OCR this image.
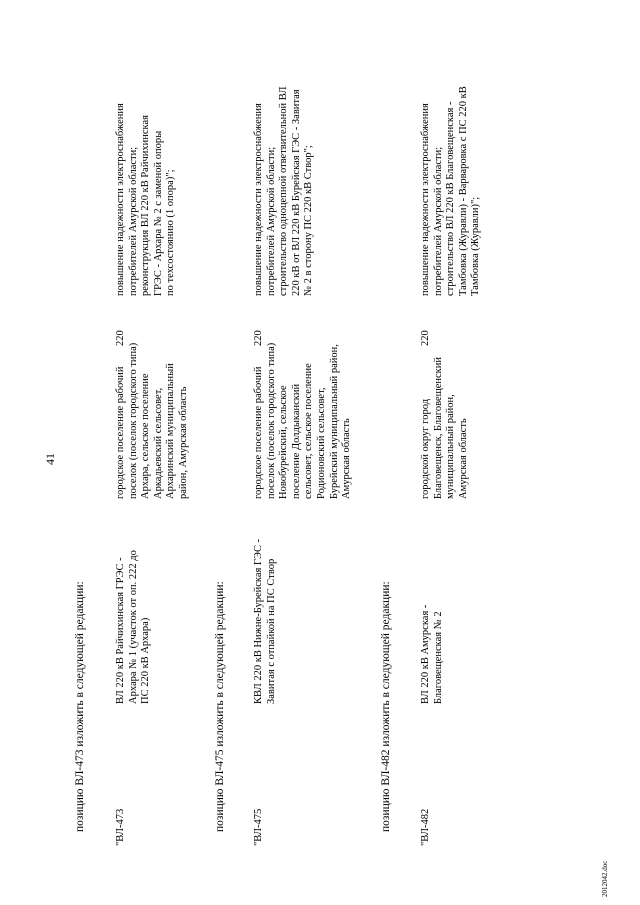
41
позицию ВЛ-473 изложить в следующей редакции:	"ВЛ-473
ВЛ 220 кВ Райчихинская ГРЭС - Архара № 1 (участок от оп. 222 до ПС 220 кВ Архара)
городское поселение рабочий поселок (поселок городского типа) Архара, сельское поселение Аркадьевский сельсовет, Архаринский муниципальный район, Амурская область
220
повышение надежности электроснабжения потребителей Амурской области; реконструкция ВЛ 220 кВ Райчихинская ГРЭС - Архара № 2 с заменой опоры по техсостоянию (1 опора)";
позицию ВЛ-475 изложить в следующей редакции:	"ВЛ-475
КВЛ 220 кВ Нижне-Бурейская ГЭС - Завитая с отпайкой на ПС Створ
городское поселение рабочий поселок (поселок городского типа) Новобурейский, сельское поселение Долдыканский сельсовет, сельское поселение Родионовский сельсовет, Бурейский муниципальный район, Амурская область
220
повышение надежности электроснабжения потребителей Амурской области; строительство одноцепной ответвительной ВЛ 220 кВ от ВЛ 220 кВ Бурейская ГЭС - Завитая № 2 в сторону ПС 220 кВ Створ";
позицию ВЛ-482 изложить в следующей редакции:	"ВЛ-482
ВЛ 220 кВ Амурская - Благовещенская № 2
городской округ город Благовещенск, Благовещенский муниципальный район, Амурская область
220
повышение надежности электроснабжения потребителей Амурской области; строительство ВЛ 220 кВ Благовещенская - Тамбовка (Журавли) - Варваровка с ПС 220 кВ Тамбовка (Журавли)";
2012042.doc
